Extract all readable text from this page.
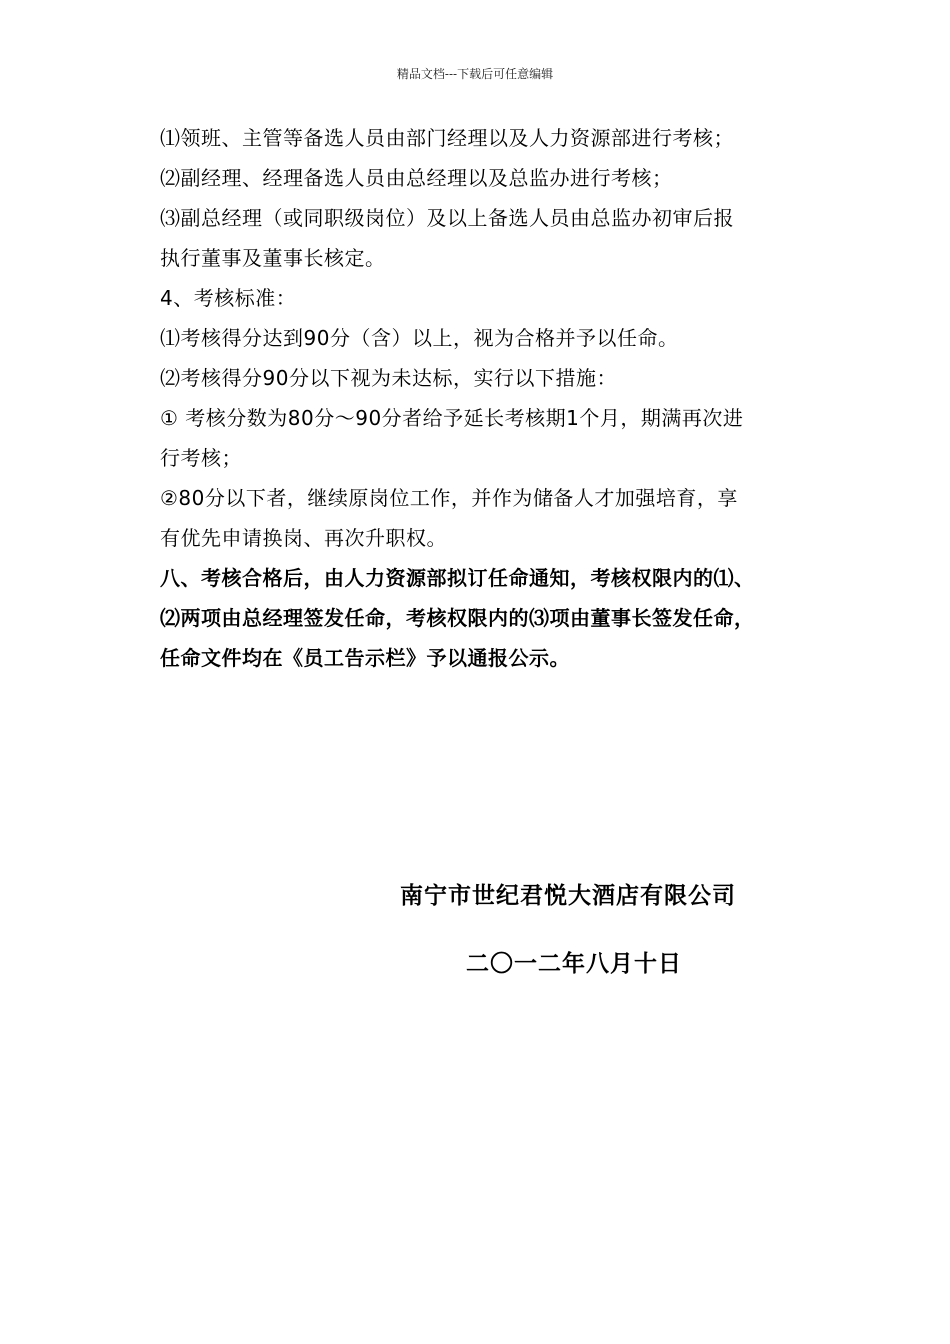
精品文档---下载后可任意编辑

⑴领班、主管等备选人员由部门经理以及人力资源部进行考核；

⑵副经理、经理备选人员由总经理以及总监办进行考核；

⑶副总经理（或同职级岗位）及以上备选人员由总监办初审后报

执行董事及董事长核定。

4、考核标准：

⑴考核得分达到90分（含）以上，视为合格并予以任命。

⑵考核得分90分以下视为未达标，实行以下措施：

① 考核分数为80分～90分者给予延长考核期1个月，期满再次进

行考核；

②80分以下者，继续原岗位工作，并作为储备人才加强培育，享

有优先申请换岗、再次升职权。

八、考核合格后，由人力资源部拟订任命通知，考核权限内的⑴、

⑵两项由总经理签发任命，考核权限内的⑶项由董事长签发任命，

任命文件均在《员工告示栏》予以通报公示。

南宁市世纪君悦大酒店有限公司
二〇一二年八月十日
